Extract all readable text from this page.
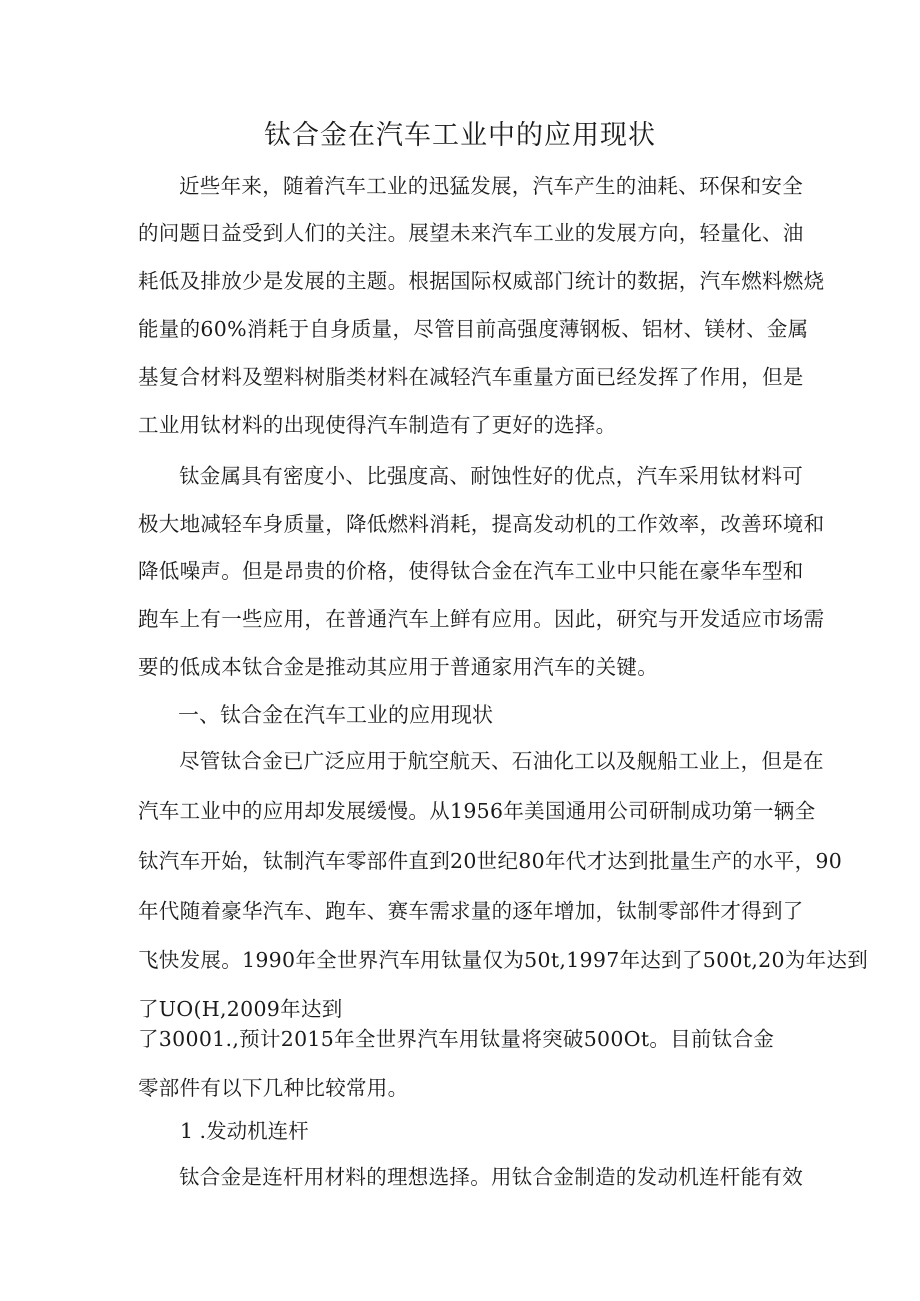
钛合金在汽车工业中的应用现状
近些年来，随着汽车工业的迅猛发展，汽车产生的油耗、环保和安全
的问题日益受到人们的关注。展望未来汽车工业的发展方向，轻量化、油
耗低及排放少是发展的主题。根据国际权威部门统计的数据，汽车燃料燃烧
能量的60%消耗于自身质量，尽管目前高强度薄钢板、铝材、镁材、金属
基复合材料及塑料树脂类材料在减轻汽车重量方面已经发挥了作用，但是
工业用钛材料的出现使得汽车制造有了更好的选择。
钛金属具有密度小、比强度高、耐蚀性好的优点，汽车采用钛材料可
极大地减轻车身质量，降低燃料消耗，提高发动机的工作效率，改善环境和
降低噪声。但是昂贵的价格，使得钛合金在汽车工业中只能在豪华车型和
跑车上有一些应用，在普通汽车上鲜有应用。因此，研究与开发适应市场需
要的低成本钛合金是推动其应用于普通家用汽车的关键。
一、钛合金在汽车工业的应用现状
尽管钛合金已广泛应用于航空航天、石油化工以及舰船工业上，但是在
汽车工业中的应用却发展缓慢。从1956年美国通用公司研制成功第一辆全
钛汽车开始，钛制汽车零部件直到20世纪80年代才达到批量生产的水平，90
年代随着豪华汽车、跑车、赛车需求量的逐年增加，钛制零部件才得到了
飞快发展。1990年全世界汽车用钛量仅为50t,1997年达到了500t,20为年达到
了UO(H,2009年达到
了30001.,预计2015年全世界汽车用钛量将突破500Ot。目前钛合金
零部件有以下几种比较常用。
1 .发动机连杆
钛合金是连杆用材料的理想选择。用钛合金制造的发动机连杆能有效
